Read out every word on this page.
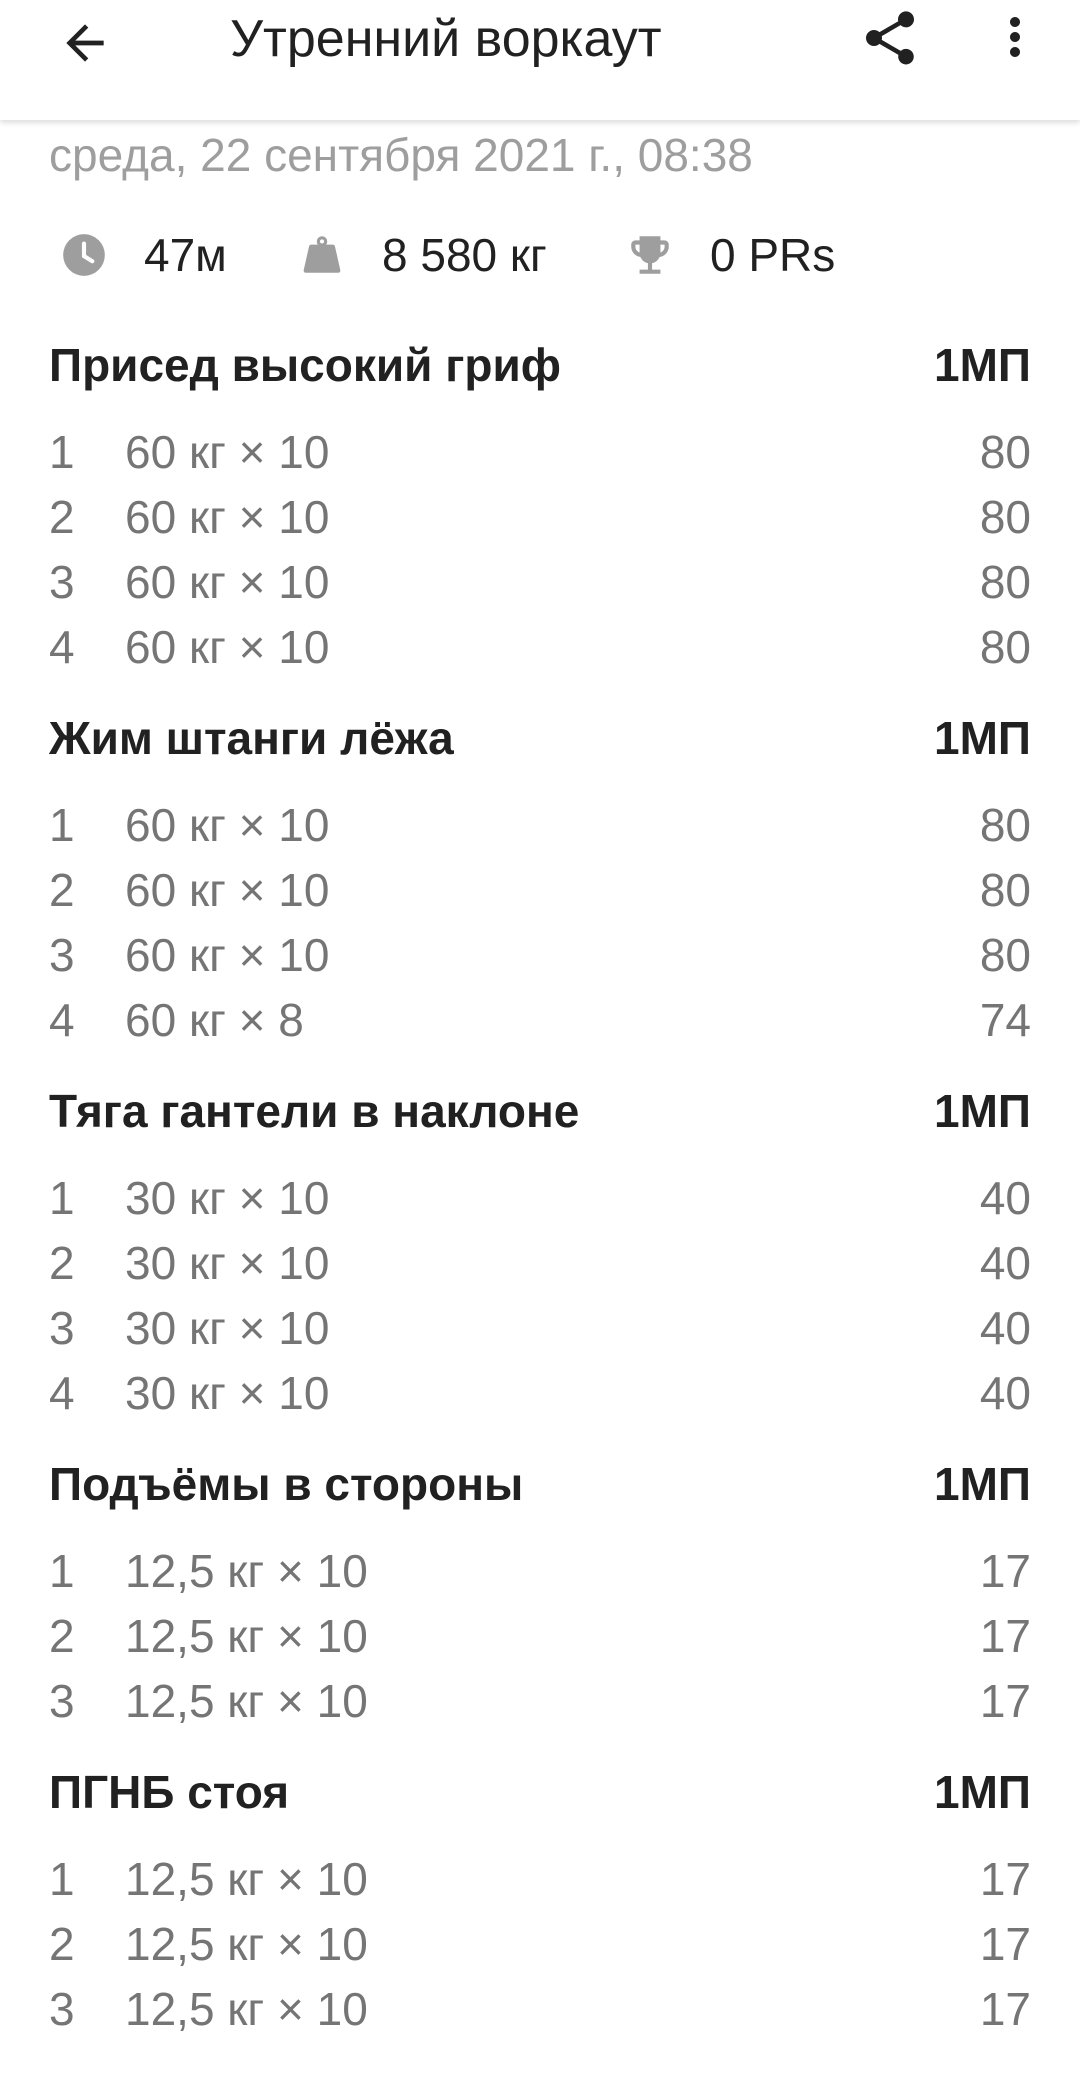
Утренний воркаут
среда, 22 сентября 2021 г., 08:38
47м	8 580 кг	0 PRs
Присед высокий гриф	1МП
1	60 кг × 10	80
2	60 кг × 10	80
3	60 кг × 10	80
4	60 кг × 10	80
Жим штанги лёжа	1МП
1	60 кг × 10	80
2	60 кг × 10	80
3	60 кг × 10	80
4	60 кг × 8	74
Тяга гантели в наклоне	1МП
1	30 кг × 10	40
2	30 кг × 10	40
3	30 кг × 10	40
4	30 кг × 10	40
Подъёмы в стороны	1МП
1	12,5 кг × 10	17
2	12,5 кг × 10	17
3	12,5 кг × 10	17
ПГНБ стоя	1МП
1	12,5 кг × 10	17
2	12,5 кг × 10	17
3	12,5 кг × 10	17
